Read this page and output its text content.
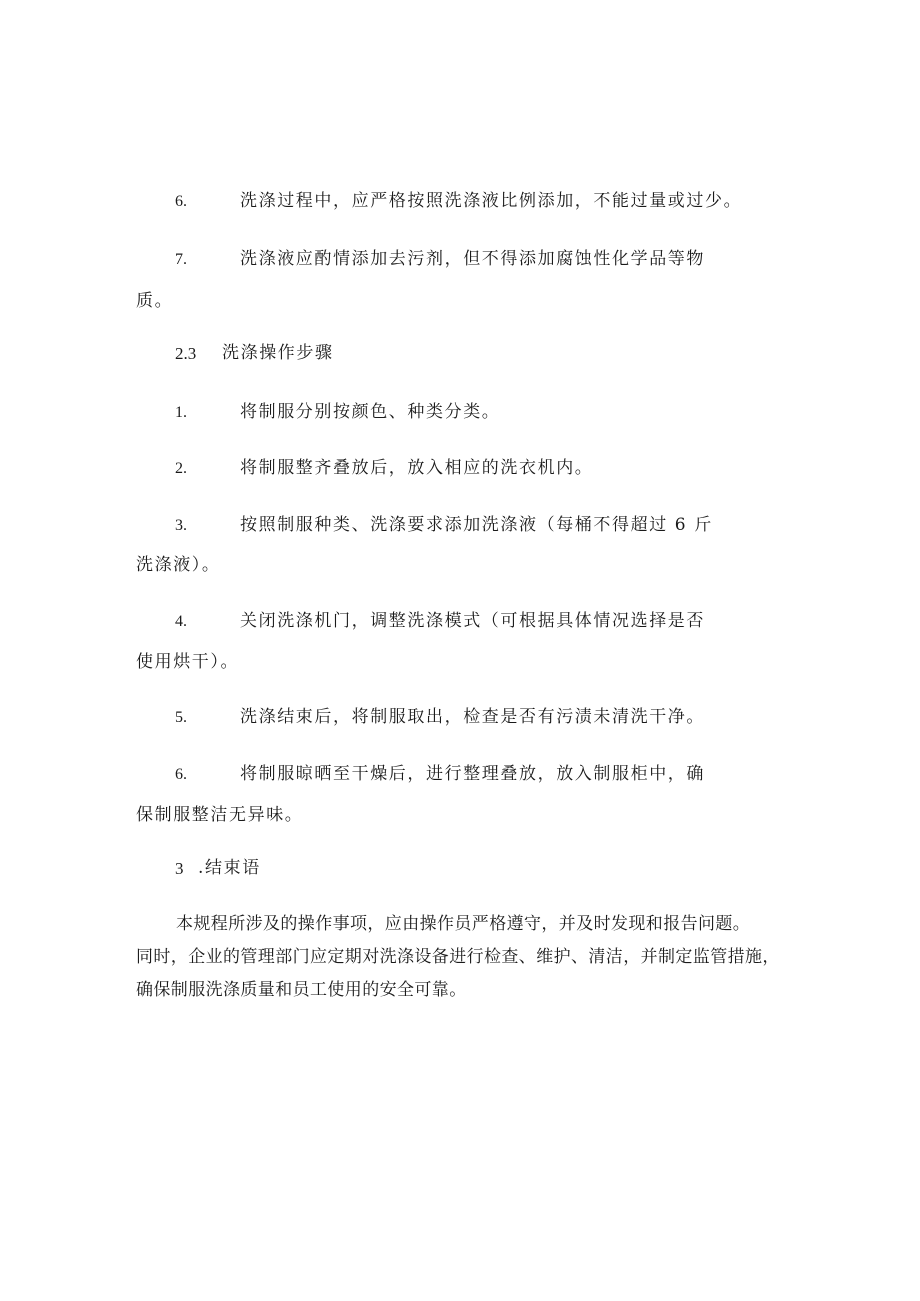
6.	洗涤过程中，应严格按照洗涤液比例添加，不能过量或过少。
7.	洗涤液应酌情添加去污剂，但不得添加腐蚀性化学品等物
质。
2.3 洗涤操作步骤
1.	将制服分别按颜色、种类分类。
2.	将制服整齐叠放后，放入相应的洗衣机内。
3.	按照制服种类、洗涤要求添加洗涤液（每桶不得超过 6 斤
洗涤液）。
4.	关闭洗涤机门，调整洗涤模式（可根据具体情况选择是否
使用烘干）。
5.	洗涤结束后，将制服取出，检查是否有污渍未清洗干净。
6.	将制服晾晒至干燥后，进行整理叠放，放入制服柜中，确
保制服整洁无异味。
3 .结束语
本规程所涉及的操作事项，应由操作员严格遵守，并及时发现和报告问题。
同时，企业的管理部门应定期对洗涤设备进行检查、维护、清洁，并制定监管措施，
确保制服洗涤质量和员工使用的安全可靠。
